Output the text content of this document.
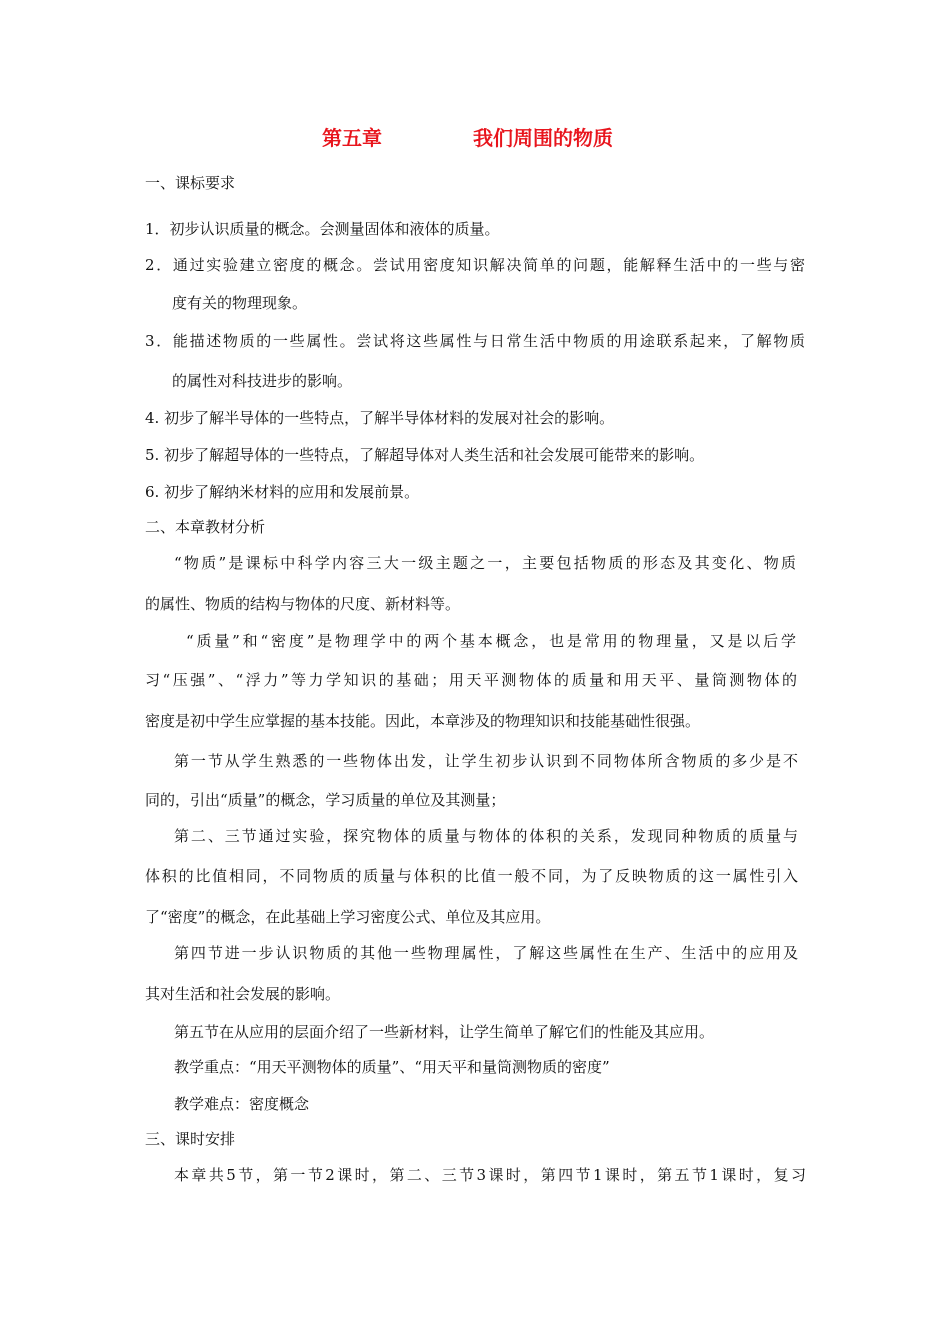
第五章	我们周围的物质
一、课标要求
1．初步认识质量的概念。会测量固体和液体的质量。
2．通过实验建立密度的概念。尝试用密度知识解决简单的问题，能解释生活中的一些与密
度有关的物理现象。
3．能描述物质的一些属性。尝试将这些属性与日常生活中物质的用途联系起来，了解物质
的属性对科技进步的影响。
4. 初步了解半导体的一些特点，了解半导体材料的发展对社会的影响。
5. 初步了解超导体的一些特点，了解超导体对人类生活和社会发展可能带来的影响。
6. 初步了解纳米材料的应用和发展前景。
二、本章教材分析
“物质”是课标中科学内容三大一级主题之一，主要包括物质的形态及其变化、物质
的属性、物质的结构与物体的尺度、新材料等。
“质量”和“密度”是物理学中的两个基本概念，也是常用的物理量，又是以后学
习“压强”、“浮力”等力学知识的基础；用天平测物体的质量和用天平、量筒测物体的
密度是初中学生应掌握的基本技能。因此，本章涉及的物理知识和技能基础性很强。
第一节从学生熟悉的一些物体出发，让学生初步认识到不同物体所含物质的多少是不
同的，引出“质量”的概念，学习质量的单位及其测量；
第二、三节通过实验，探究物体的质量与物体的体积的关系，发现同种物质的质量与
体积的比值相同，不同物质的质量与体积的比值一般不同，为了反映物质的这一属性引入
了“密度”的概念，在此基础上学习密度公式、单位及其应用。
第四节进一步认识物质的其他一些物理属性，了解这些属性在生产、生活中的应用及
其对生活和社会发展的影响。
第五节在从应用的层面介绍了一些新材料，让学生简单了解它们的性能及其应用。
教学重点：“用天平测物体的质量”、“用天平和量筒测物质的密度”
教学难点：密度概念
三、课时安排
本章共5节，第一节2课时，第二、三节3课时，第四节1课时，第五节1课时，复习
